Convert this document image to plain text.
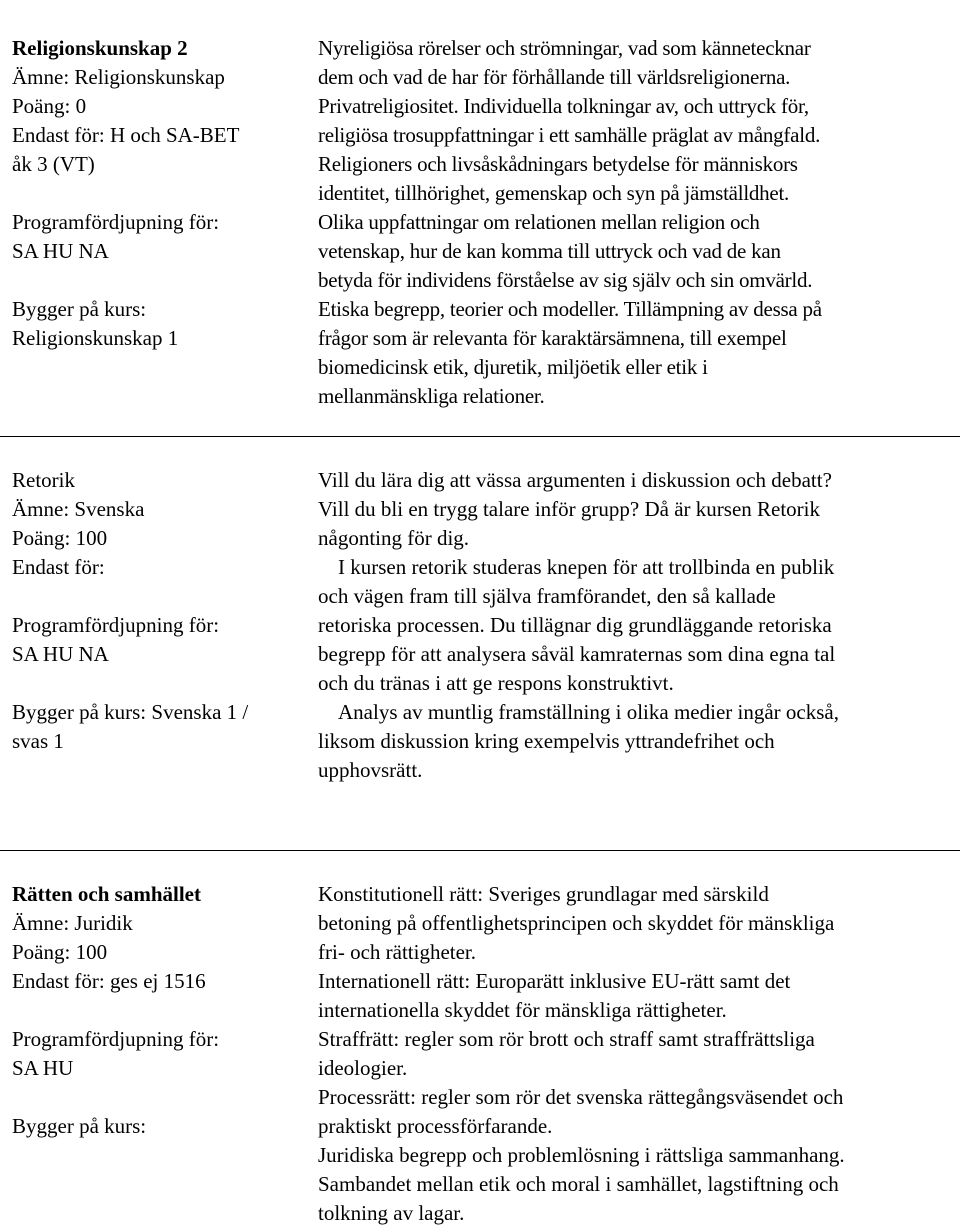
Religionskunskap 2
Ämne: Religionskunskap
Poäng: 0
Endast för: H och SA-BET
åk 3 (VT)
Programfördjupning för:
SA HU NA
Bygger på kurs:
Religionskunskap 1
Nyreligiösa rörelser och strömningar, vad som kännetecknar
dem och vad de har för förhållande till världsreligionerna.
Privatreligiositet. Individuella tolkningar av, och uttryck för,
religiösa trosuppfattningar i ett samhälle präglat av mångfald.
Religioners och livsåskådningars betydelse för människors
identitet, tillhörighet, gemenskap och syn på jämställdhet.
Olika uppfattningar om relationen mellan religion och
vetenskap, hur de kan komma till uttryck och vad de kan
betyda för individens förståelse av sig själv och sin omvärld.
Etiska begrepp, teorier och modeller. Tillämpning av dessa på
frågor som är relevanta för karaktärsämnena, till exempel
biomedicinsk etik, djuretik, miljöetik eller etik i
mellanmänskliga relationer.
Retorik
Ämne: Svenska
Poäng: 100
Endast för:
Programfördjupning för:
SA HU NA
Bygger på kurs: Svenska 1 /
svas 1
Vill du lära dig att vässa argumenten i diskussion och debatt?
Vill du bli en trygg talare inför grupp? Då är kursen Retorik
någonting för dig.
I kursen retorik studeras knepen för att trollbinda en publik
och vägen fram till själva framförandet, den så kallade
retoriska processen. Du tillägnar dig grundläggande retoriska
begrepp för att analysera såväl kamraternas som dina egna tal
och du tränas i att ge respons konstruktivt.
Analys av muntlig framställning i olika medier ingår också,
liksom diskussion kring exempelvis yttrandefrihet och
upphovsrätt.
Rätten och samhället
Ämne: Juridik
Poäng: 100
Endast för: ges ej 1516
Programfördjupning för:
SA HU
Bygger på kurs:
Konstitutionell rätt: Sveriges grundlagar med särskild
betoning på offentlighetsprincipen och skyddet för mänskliga
fri- och rättigheter.
Internationell rätt: Europarätt inklusive EU-rätt samt det
internationella skyddet för mänskliga rättigheter.
Straffrätt: regler som rör brott och straff samt straffrättsliga
ideologier.
Processrätt: regler som rör det svenska rättegångsväsendet och
praktiskt processförfarande.
Juridiska begrepp och problemlösning i rättsliga sammanhang.
Sambandet mellan etik och moral i samhället, lagstiftning och
tolkning av lagar.
